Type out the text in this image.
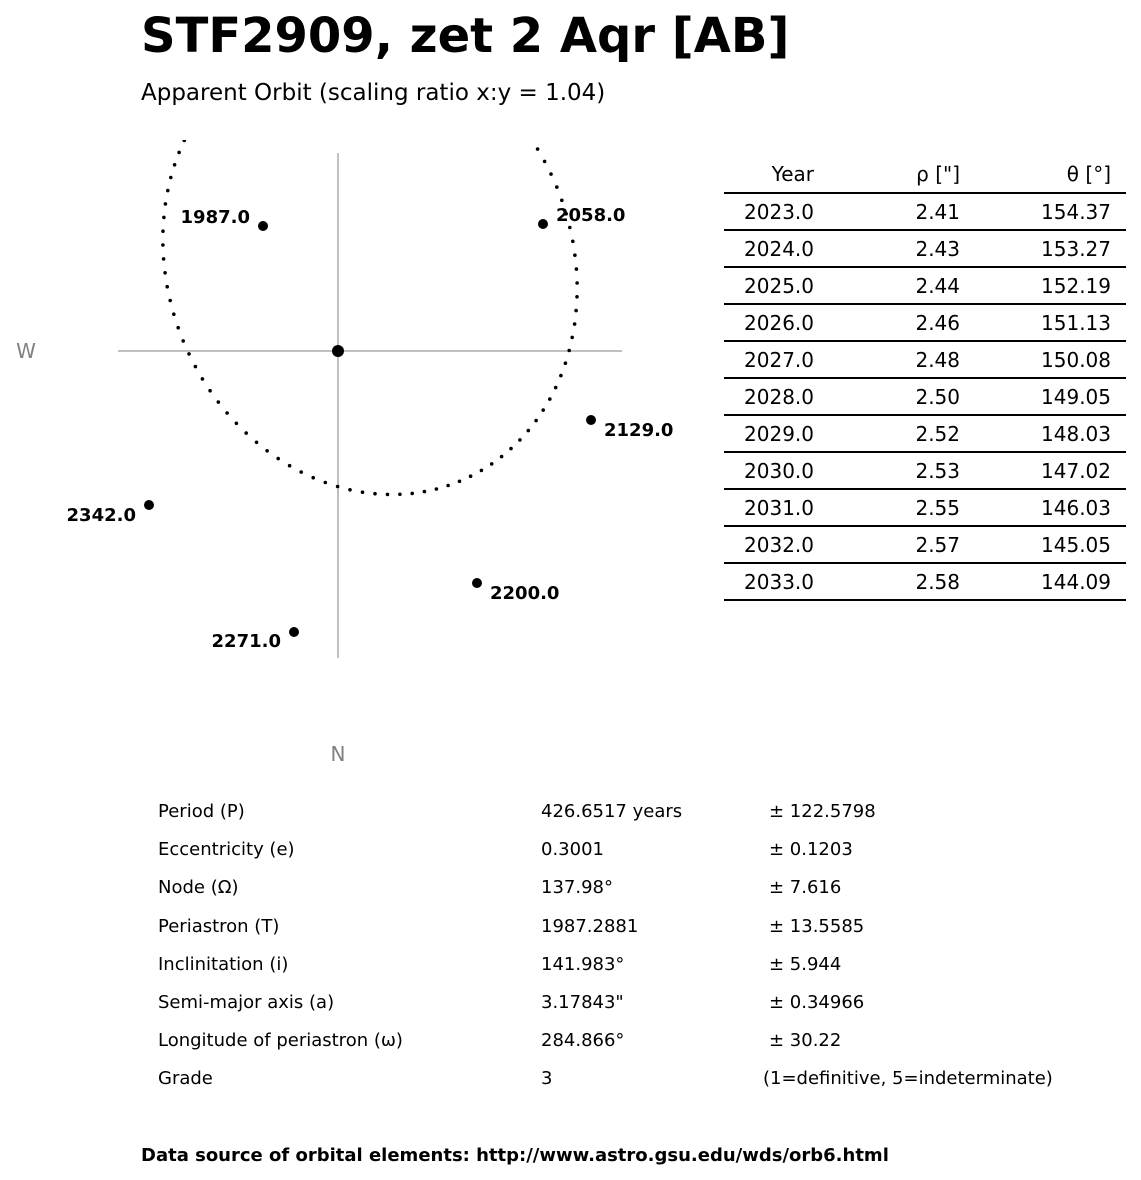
STF2909, zet 2 Aqr [AB]
Apparent Orbit (scaling ratio x:y = 1.04)
W
N
1987.0	2058.0
2129.0
2200.0
2271.0
2342.0
Year	ρ ["]	θ [°]
2023.0	2.41	154.37
2024.0	2.43	153.27
2025.0	2.44	152.19
2026.0	2.46	151.13
2027.0	2.48	150.08
2028.0	2.50	149.05
2029.0	2.52	148.03
2030.0	2.53	147.02
2031.0	2.55	146.03
2032.0	2.57	145.05
2033.0	2.58	144.09
Period (P)	426.6517 years	± 122.5798
Eccentricity (e)	0.3001	± 0.1203
Node (Ω)	137.98°	± 7.616
Periastron (T)	1987.2881	± 13.5585
Inclinitation (i)	141.983°	± 5.944
Semi-major axis (a)	3.17843"	± 0.34966
Longitude of periastron (ω)	284.866°	± 30.22
Grade	3	(1=definitive, 5=indeterminate)
Data source of orbital elements: http://www.astro.gsu.edu/wds/orb6.html
